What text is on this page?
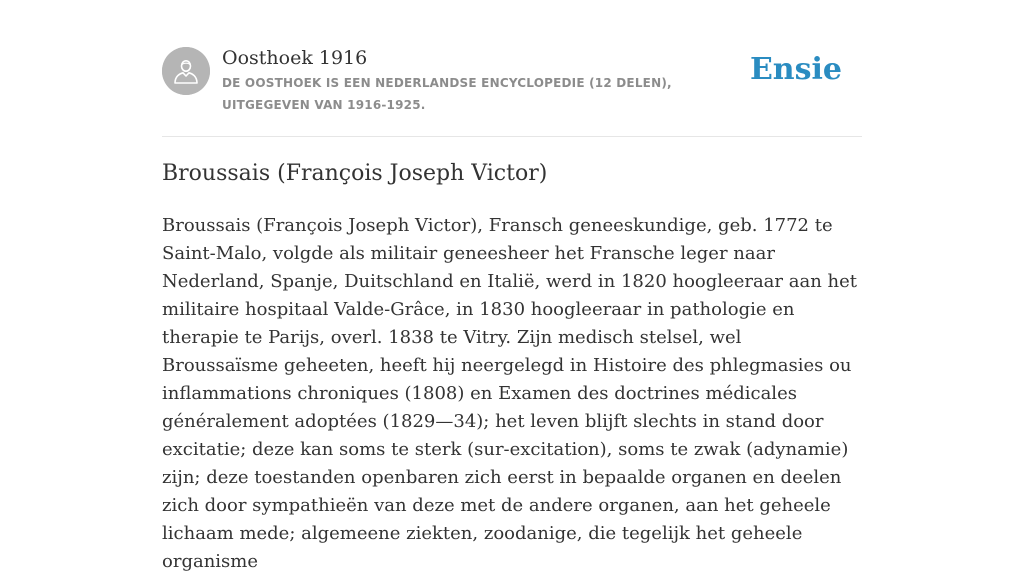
Oosthoek 1916
DE OOSTHOEK IS EEN NEDERLANDSE ENCYCLOPEDIE (12 DELEN), UITGEGEVEN VAN 1916-1925.
Ensie
Broussais (François Joseph Victor)

Broussais (François Joseph Victor), Fransch geneeskundige, geb. 1772 te Saint-Malo, volgde als militair geneesheer het Fransche leger naar Nederland, Spanje, Duitschland en Italië, werd in 1820 hoogleeraar aan het militaire hospitaal Valde-Grâce, in 1830 hoogleeraar in pathologie en therapie te Parijs, overl. 1838 te Vitry. Zijn medisch stelsel, wel Broussaïsme geheeten, heeft hij neergelegd in Histoire des phlegmasies ou inflammations chroniques (1808) en Examen des doctrines médicales généralement adoptées (1829—34); het leven blijft slechts in stand door excitatie; deze kan soms te sterk (sur-excitation), soms te zwak (adynamie) zijn; deze toestanden openbaren zich eerst in bepaalde organen en deelen zich door sympathieën van deze met de andere organen, aan het geheele lichaam mede; algemeene ziekten, zoodanige, die tegelijk het geheele organisme
